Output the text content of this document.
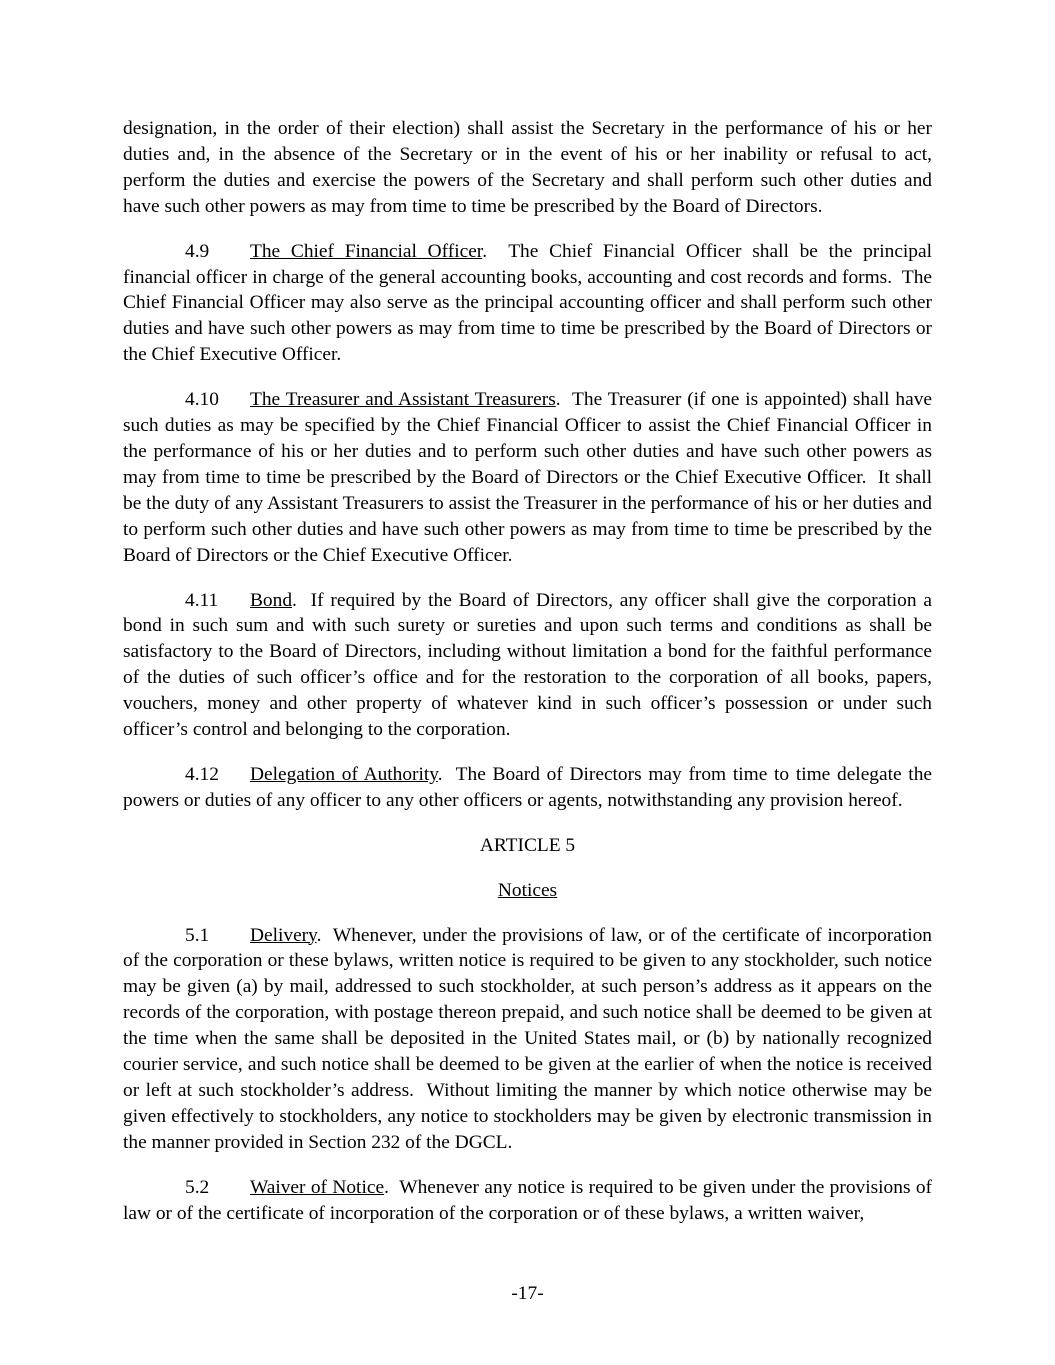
designation, in the order of their election) shall assist the Secretary in the performance of his or her duties and, in the absence of the Secretary or in the event of his or her inability or refusal to act, perform the duties and exercise the powers of the Secretary and shall perform such other duties and have such other powers as may from time to time be prescribed by the Board of Directors.

4.9 The Chief Financial Officer.  The Chief Financial Officer shall be the principal financial officer in charge of the general accounting books, accounting and cost records and forms.  The Chief Financial Officer may also serve as the principal accounting officer and shall perform such other duties and have such other powers as may from time to time be prescribed by the Board of Directors or the Chief Executive Officer.

4.10 The Treasurer and Assistant Treasurers.  The Treasurer (if one is appointed) shall have such duties as may be specified by the Chief Financial Officer to assist the Chief Financial Officer in the performance of his or her duties and to perform such other duties and have such other powers as may from time to time be prescribed by the Board of Directors or the Chief Executive Officer.  It shall be the duty of any Assistant Treasurers to assist the Treasurer in the performance of his or her duties and to perform such other duties and have such other powers as may from time to time be prescribed by the Board of Directors or the Chief Executive Officer.

4.11 Bond.  If required by the Board of Directors, any officer shall give the corporation a bond in such sum and with such surety or sureties and upon such terms and conditions as shall be satisfactory to the Board of Directors, including without limitation a bond for the faithful performance of the duties of such officer’s office and for the restoration to the corporation of all books, papers, vouchers, money and other property of whatever kind in such officer’s possession or under such officer’s control and belonging to the corporation.

4.12 Delegation of Authority.  The Board of Directors may from time to time delegate the powers or duties of any officer to any other officers or agents, notwithstanding any provision hereof.

ARTICLE 5

Notices

5.1 Delivery.  Whenever, under the provisions of law, or of the certificate of incorporation of the corporation or these bylaws, written notice is required to be given to any stockholder, such notice may be given (a) by mail, addressed to such stockholder, at such person’s address as it appears on the records of the corporation, with postage thereon prepaid, and such notice shall be deemed to be given at the time when the same shall be deposited in the United States mail, or (b) by nationally recognized courier service, and such notice shall be deemed to be given at the earlier of when the notice is received or left at such stockholder’s address.  Without limiting the manner by which notice otherwise may be given effectively to stockholders, any notice to stockholders may be given by electronic transmission in the manner provided in Section 232 of the DGCL.

5.2 Waiver of Notice.  Whenever any notice is required to be given under the provisions of law or of the certificate of incorporation of the corporation or of these bylaws, a written waiver,

-17-
